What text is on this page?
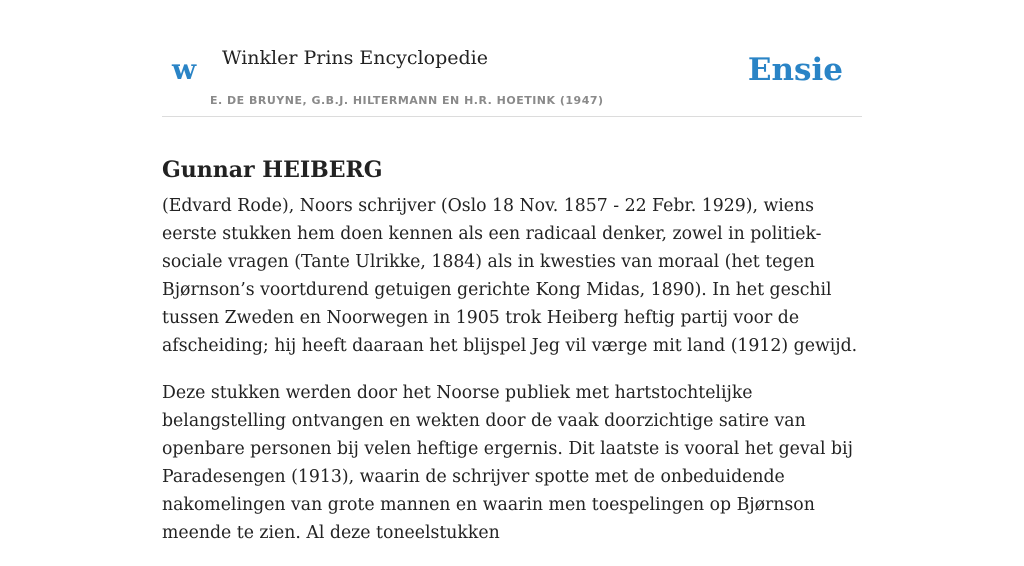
w Winkler Prins Encyclopedie
E. DE BRUYNE, G.B.J. HILTERMANN EN H.R. HOETINK (1947)
Ensie
Gunnar HEIBERG

(Edvard Rode), Noors schrijver (Oslo 18 Nov. 1857 - 22 Febr. 1929), wiens eerste stukken hem doen kennen als een radicaal denker, zowel in politiek-sociale vragen (Tante Ulrikke, 1884) als in kwesties van moraal (het tegen Bjørnson’s voortdurend getuigen gerichte Kong Midas, 1890). In het geschil tussen Zweden en Noorwegen in 1905 trok Heiberg heftig partij voor de afscheiding; hij heeft daaraan het blijspel Jeg vil værge mit land (1912) gewijd.

Deze stukken werden door het Noorse publiek met hartstochtelijke belangstelling ontvangen en wekten door de vaak doorzichtige satire van openbare personen bij velen heftige ergernis. Dit laatste is vooral het geval bij Paradesengen (1913), waarin de schrijver spotte met de onbeduidende nakomelingen van grote mannen en waarin men toespelingen op Bjørnson meende te zien. Al deze toneelstukken
